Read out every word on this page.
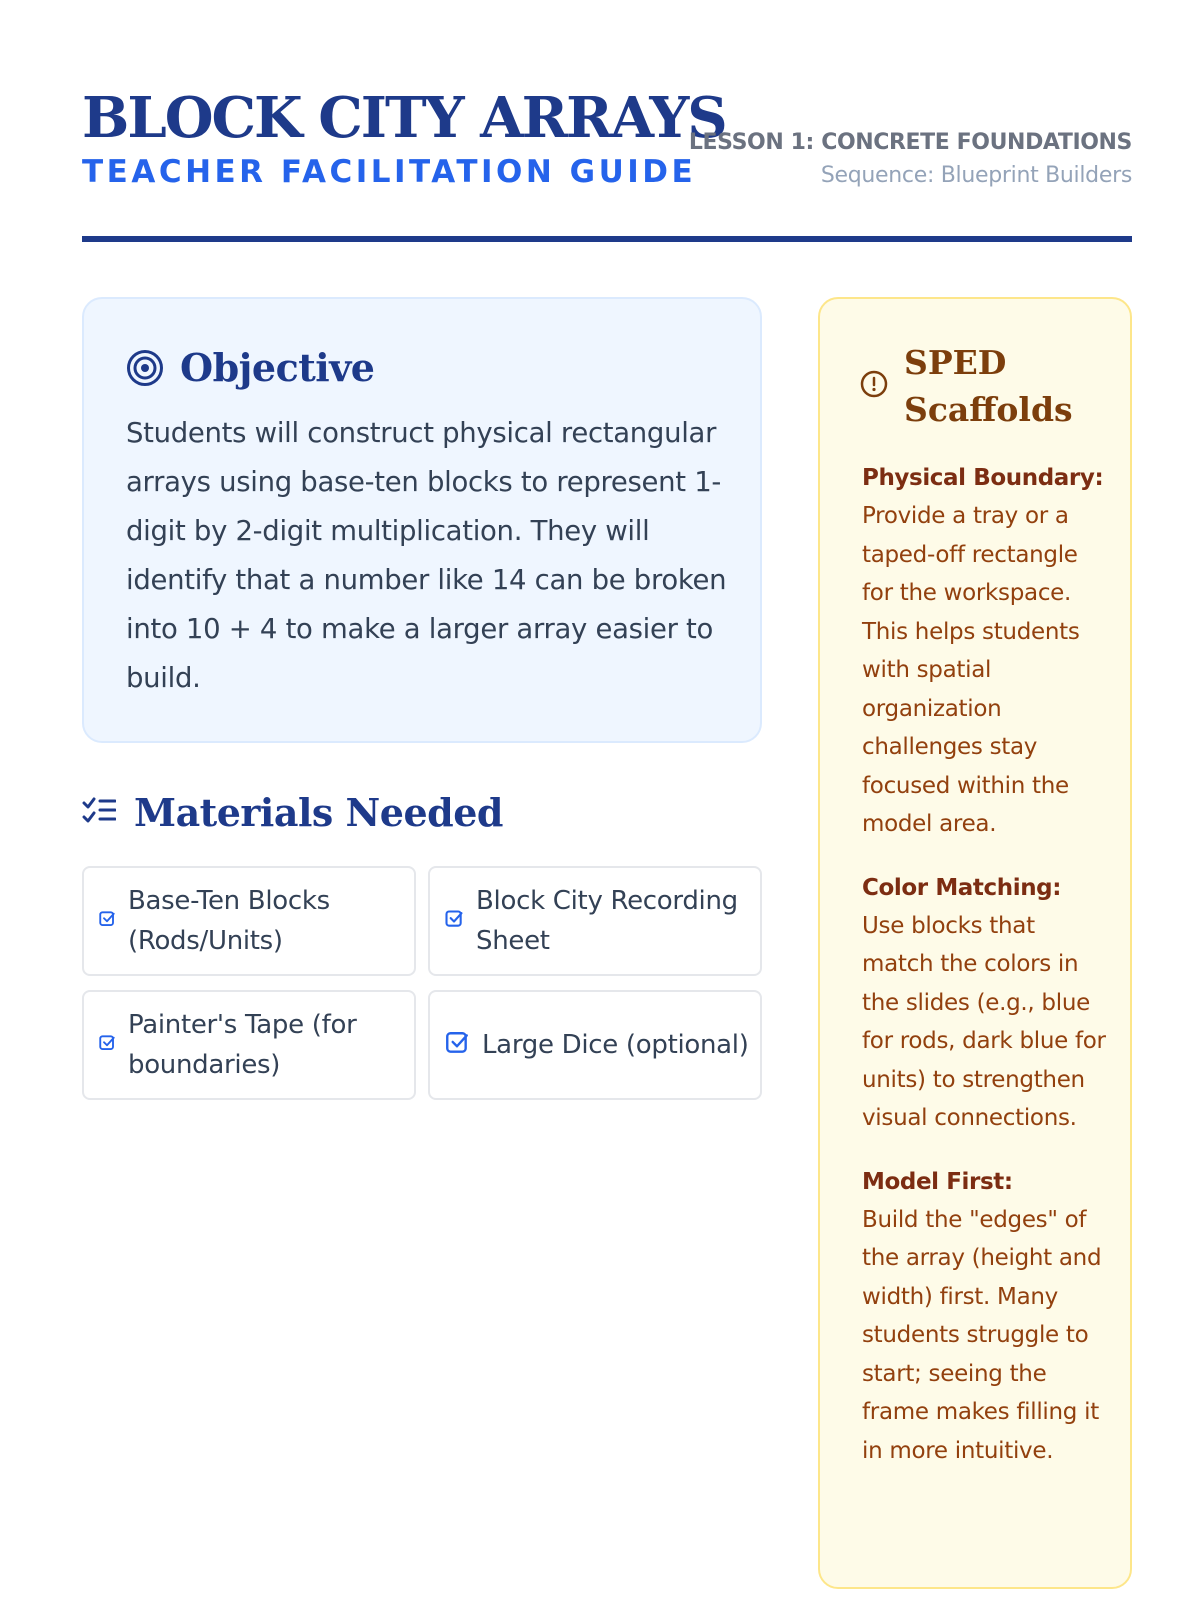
BLOCK CITY ARRAYS
TEACHER FACILITATION GUIDE
LESSON 1: CONCRETE FOUNDATIONS
Sequence: Blueprint Builders
Objective

Students will construct physical rectangular arrays using base-ten blocks to represent 1-digit by 2-digit multiplication. They will identify that a number like 14 can be broken into 10 + 4 to make a larger array easier to build.

Materials Needed
Base-Ten Blocks (Rods/Units)
Block City Recording Sheet
Painter's Tape (for boundaries)
Large Dice (optional)
SPED Scaffolds
Physical Boundary:
Provide a tray or a taped-off rectangle for the workspace. This helps students with spatial organization challenges stay focused within the model area.
Color Matching:
Use blocks that match the colors in the slides (e.g., blue for rods, dark blue for units) to strengthen visual connections.
Model First:
Build the "edges" of the array (height and width) first. Many students struggle to start; seeing the frame makes filling it in more intuitive.
